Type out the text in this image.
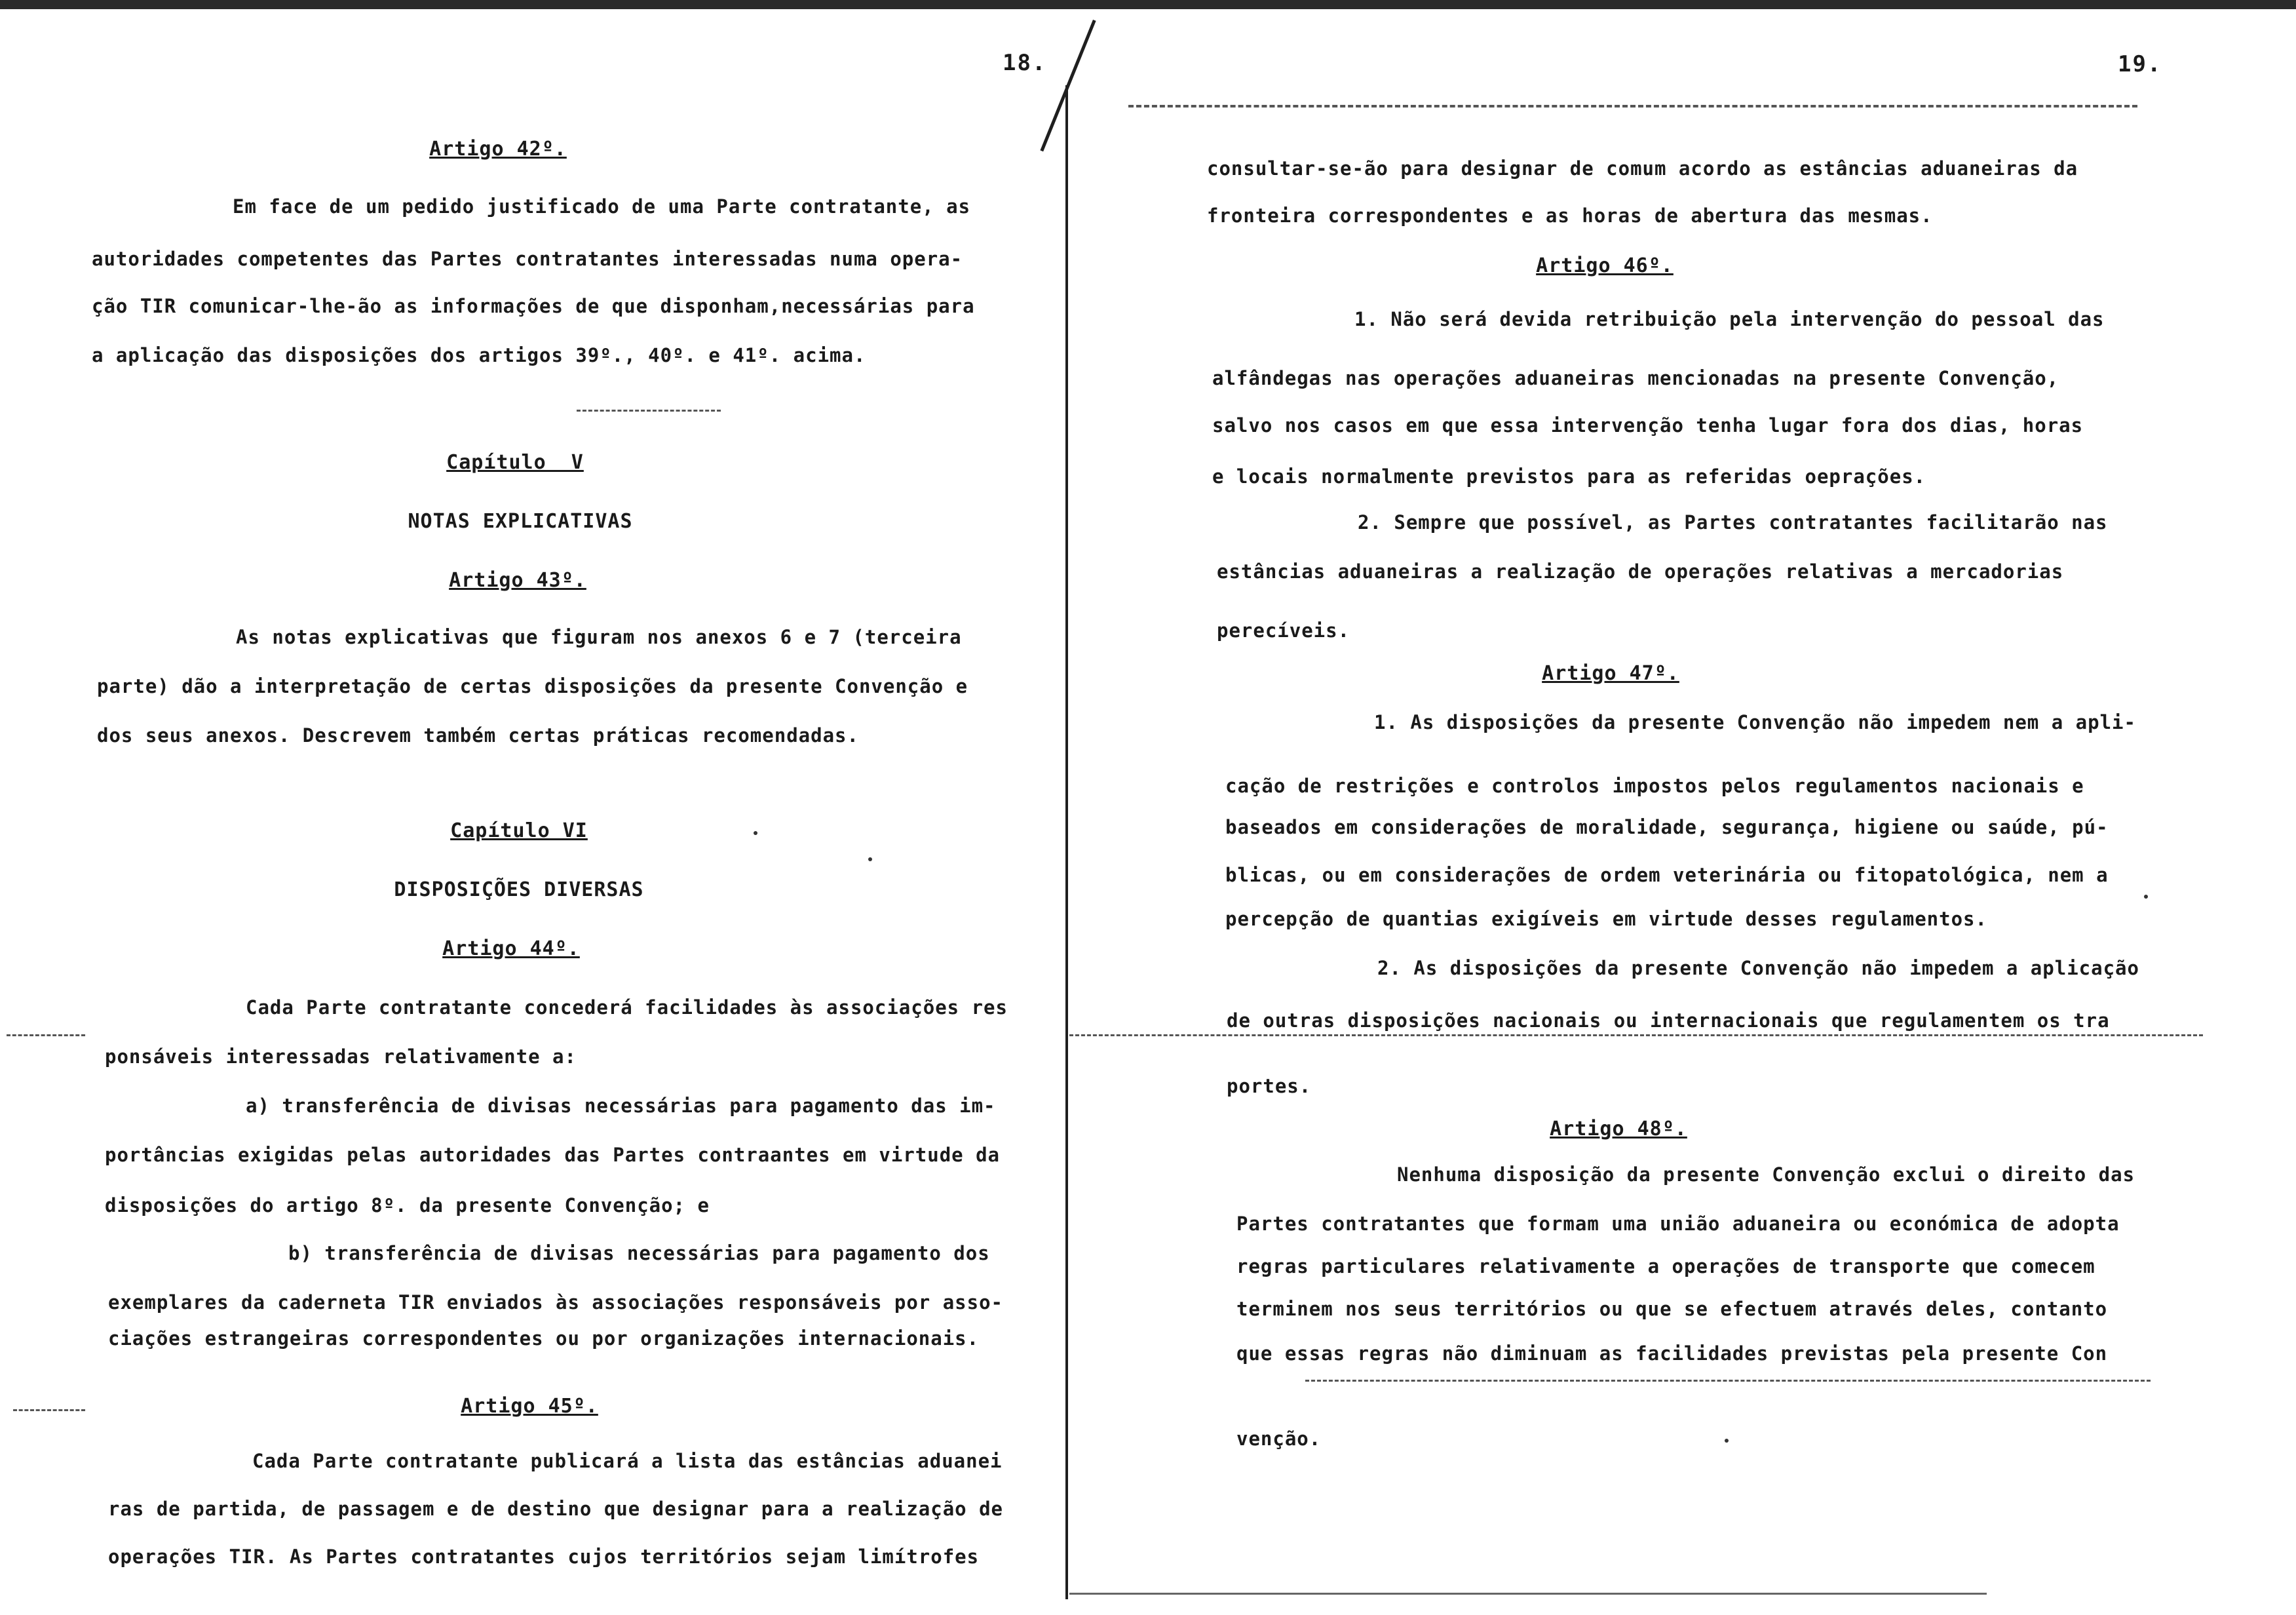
18.
Artigo 42º.
Em face de um pedido justificado de uma Parte contratante, as
autoridades competentes das Partes contratantes interessadas numa opera-
ção TIR comunicar-lhe-ão as informações de que disponham,necessárias para
a aplicação das disposições dos artigos 39º., 40º. e 41º. acima.
Capítulo  V
NOTAS EXPLICATIVAS
Artigo 43º.
As notas explicativas que figuram nos anexos 6 e 7 (terceira
parte) dão a interpretação de certas disposições da presente Convenção e
dos seus anexos. Descrevem também certas práticas recomendadas.
Capítulo VI
DISPOSIÇÕES DIVERSAS
Artigo 44º.
Cada Parte contratante concederá facilidades às associações res
ponsáveis interessadas relativamente a:
a) transferência de divisas necessárias para pagamento das im-
portâncias exigidas pelas autoridades das Partes contraantes em virtude da
disposições do artigo 8º. da presente Convenção; e
b) transferência de divisas necessárias para pagamento dos
exemplares da caderneta TIR enviados às associações responsáveis por asso-
ciações estrangeiras correspondentes ou por organizações internacionais.
Artigo 45º.
Cada Parte contratante publicará a lista das estâncias aduanei
ras de partida, de passagem e de destino que designar para a realização de
operações TIR. As Partes contratantes cujos territórios sejam limítrofes
19.
consultar-se-ão para designar de comum acordo as estâncias aduaneiras da
fronteira correspondentes e as horas de abertura das mesmas.
Artigo 46º.
1. Não será devida retribuição pela intervenção do pessoal das
alfândegas nas operações aduaneiras mencionadas na presente Convenção,
salvo nos casos em que essa intervenção tenha lugar fora dos dias, horas
e locais normalmente previstos para as referidas oeprações.
2. Sempre que possível, as Partes contratantes facilitarão nas
estâncias aduaneiras a realização de operações relativas a mercadorias
perecíveis.
Artigo 47º.
1. As disposições da presente Convenção não impedem nem a apli-
cação de restrições e controlos impostos pelos regulamentos nacionais e
baseados em considerações de moralidade, segurança, higiene ou saúde, pú-
blicas, ou em considerações de ordem veterinária ou fitopatológica, nem a
percepção de quantias exigíveis em virtude desses regulamentos.
2. As disposições da presente Convenção não impedem a aplicação
de outras disposições nacionais ou internacionais que regulamentem os tra
portes.
Artigo 48º.
Nenhuma disposição da presente Convenção exclui o direito das
Partes contratantes que formam uma união aduaneira ou económica de adopta
regras particulares relativamente a operações de transporte que comecem
terminem nos seus territórios ou que se efectuem através deles, contanto
que essas regras não diminuam as facilidades previstas pela presente Con
venção.
